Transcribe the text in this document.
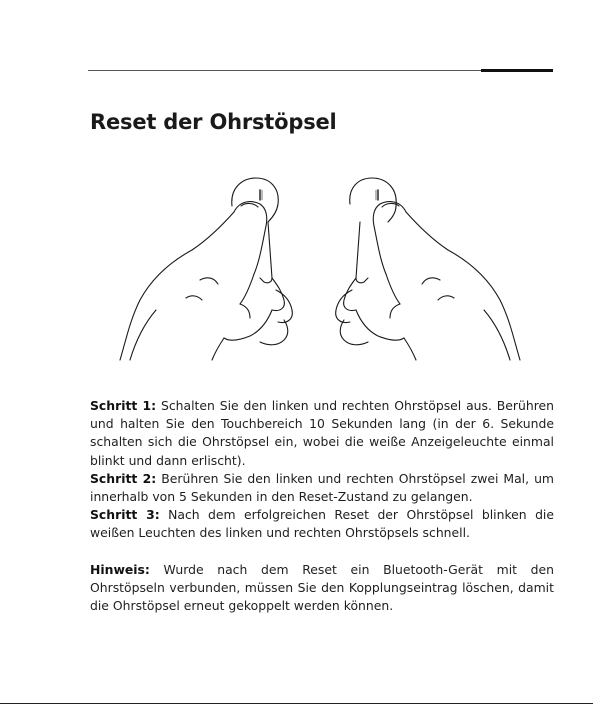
Reset der Ohrstöpsel

Schritt 1: Schalten Sie den linken und rechten Ohrstöpsel aus. Berühren und halten Sie den Touchbereich 10 Sekunden lang (in der 6. Sekunde schalten sich die Ohrstöpsel ein, wobei die weiße Anzeigeleuchte einmal blinkt und dann erlischt).

Schritt 2: Berühren Sie den linken und rechten Ohrstöpsel zwei Mal, um innerhalb von 5 Sekunden in den Reset-Zustand zu gelangen.

Schritt 3: Nach dem erfolgreichen Reset der Ohrstöpsel blinken die weißen Leuchten des linken und rechten Ohrstöpsels schnell.

Hinweis: Wurde nach dem Reset ein Bluetooth-Gerät mit den Ohrstöpseln verbunden, müssen Sie den Kopplungseintrag löschen, damit die Ohrstöpsel erneut gekoppelt werden können.
